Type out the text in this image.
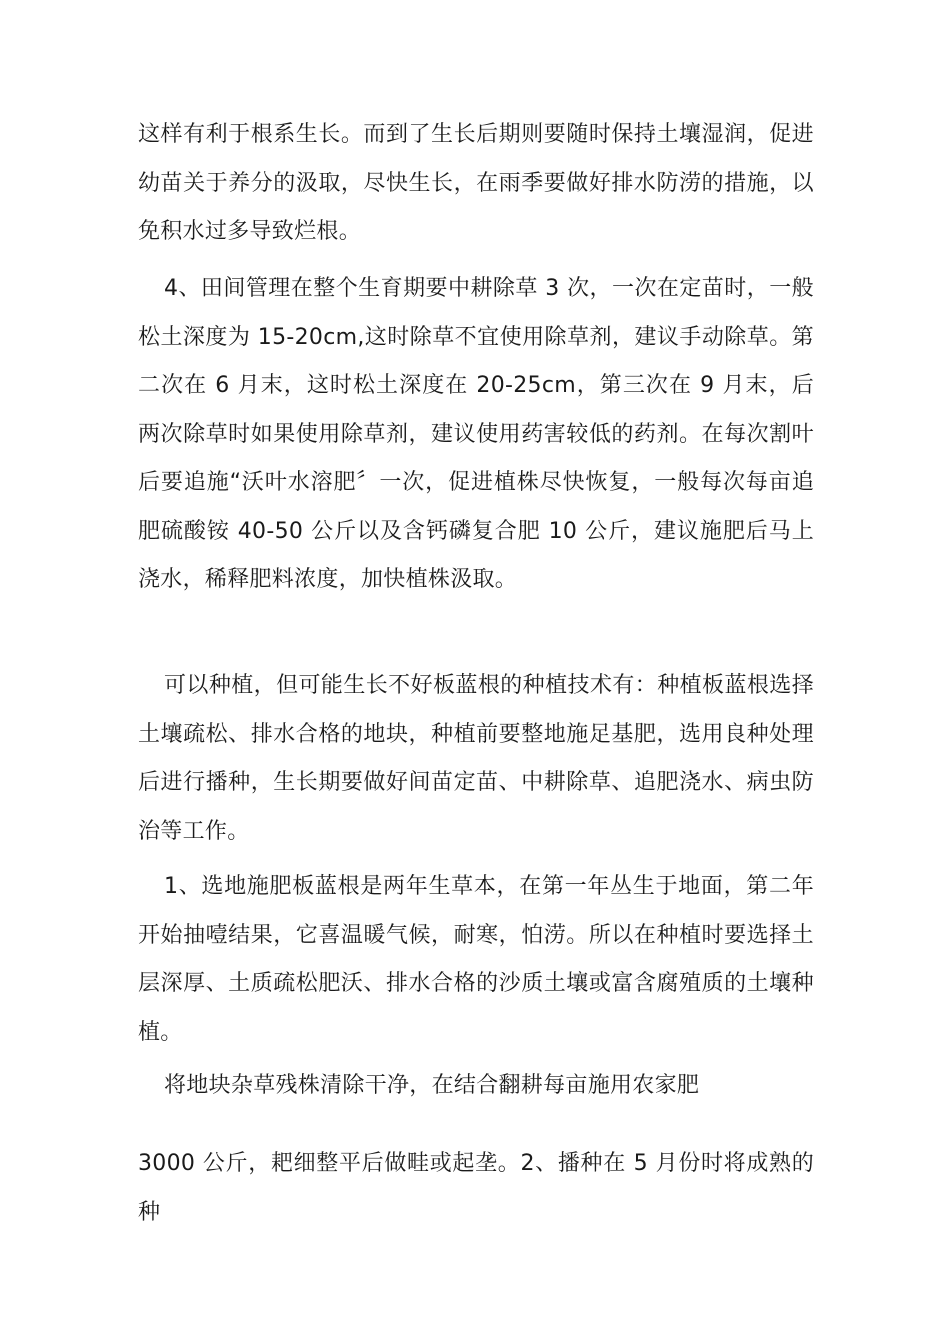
这样有利于根系生长。而到了生长后期则要随时保持土壤湿润，促进幼苗关于养分的汲取，尽快生长，在雨季要做好排水防涝的措施，以免积水过多导致烂根。

4、田间管理在整个生育期要中耕除草 3 次，一次在定苗时，一般松土深度为 15-20cm,这时除草不宜使用除草剂，建议手动除草。第二次在 6 月末，这时松土深度在 20-25cm，第三次在 9 月末，后两次除草时如果使用除草剂，建议使用药害较低的药剂。在每次割叶后要追施“沃叶水溶肥〞一次，促进植株尽快恢复，一般每次每亩追肥硫酸铵 40-50 公斤以及含钙磷复合肥 10 公斤，建议施肥后马上浇水，稀释肥料浓度，加快植株汲取。

可以种植，但可能生长不好板蓝根的种植技术有：种植板蓝根选择土壤疏松、排水合格的地块，种植前要整地施足基肥，选用良种处理后进行播种，生长期要做好间苗定苗、中耕除草、追肥浇水、病虫防治等工作。

1、选地施肥板蓝根是两年生草本，在第一年丛生于地面，第二年开始抽噎结果，它喜温暖气候，耐寒，怕涝。所以在种植时要选择土层深厚、土质疏松肥沃、排水合格的沙质土壤或富含腐殖质的土壤种植。

将地块杂草残株清除干净，在结合翻耕每亩施用农家肥

3000 公斤，耙细整平后做畦或起垄。2、播种在 5 月份时将成熟的种
